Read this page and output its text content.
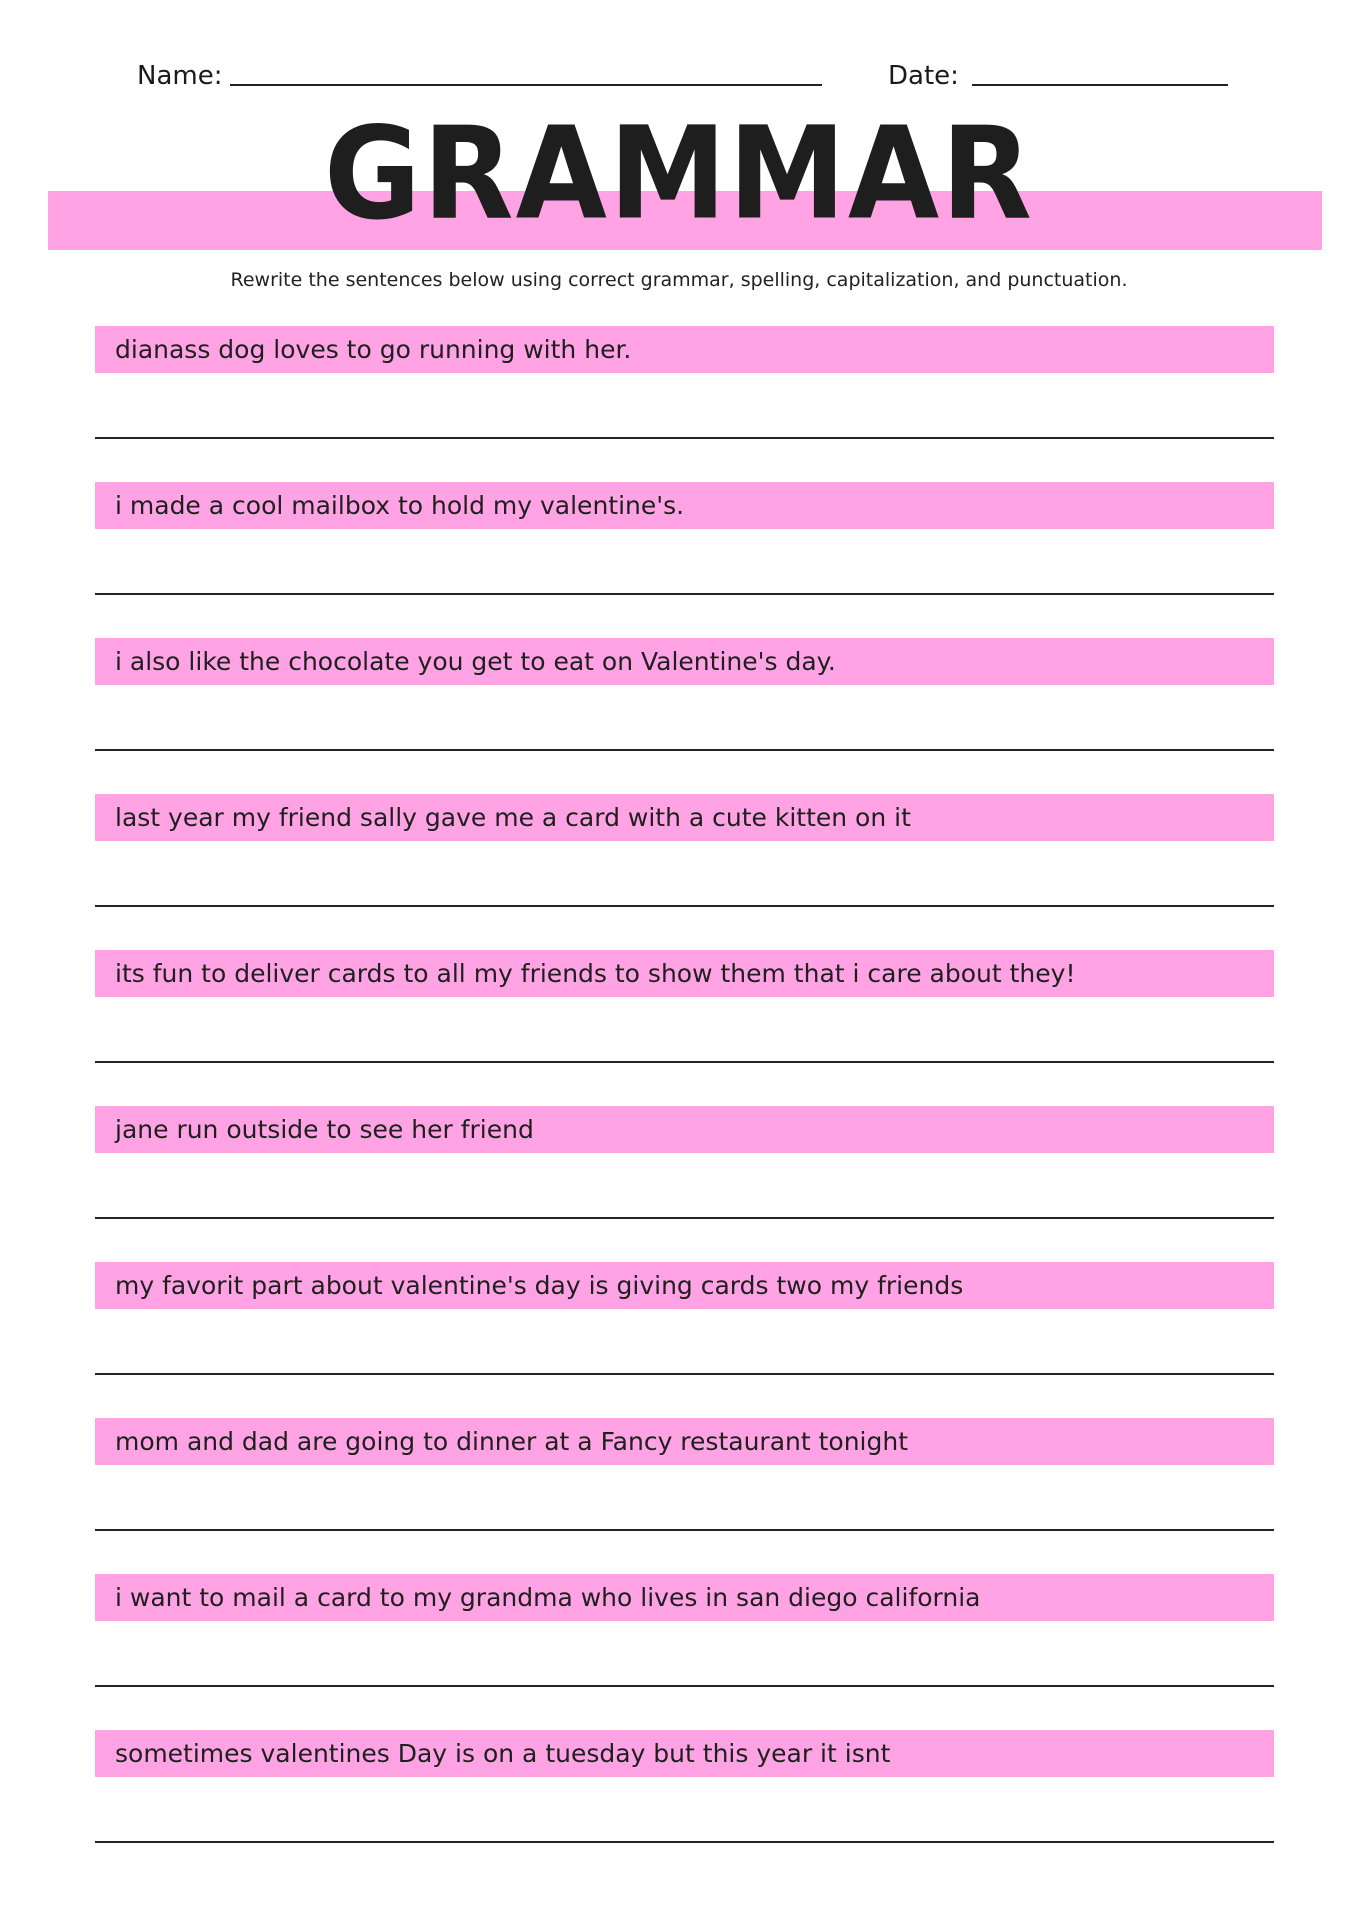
Name:	Date:
GRAMMAR
Rewrite the sentences below using correct grammar, spelling, capitalization, and punctuation.
dianass dog loves to go running with her.
i made a cool mailbox to hold my valentine's.
i also like the chocolate you get to eat on Valentine's day.
last year my friend sally gave me a card with a cute kitten on it
its fun to deliver cards to all my friends to show them that i care about they!
jane run outside to see her friend
my favorit part about valentine's day is giving cards two my friends
mom and dad are going to dinner at a Fancy restaurant tonight
i want to mail a card to my grandma who lives in san diego california
sometimes valentines Day is on a tuesday but this year it isnt
